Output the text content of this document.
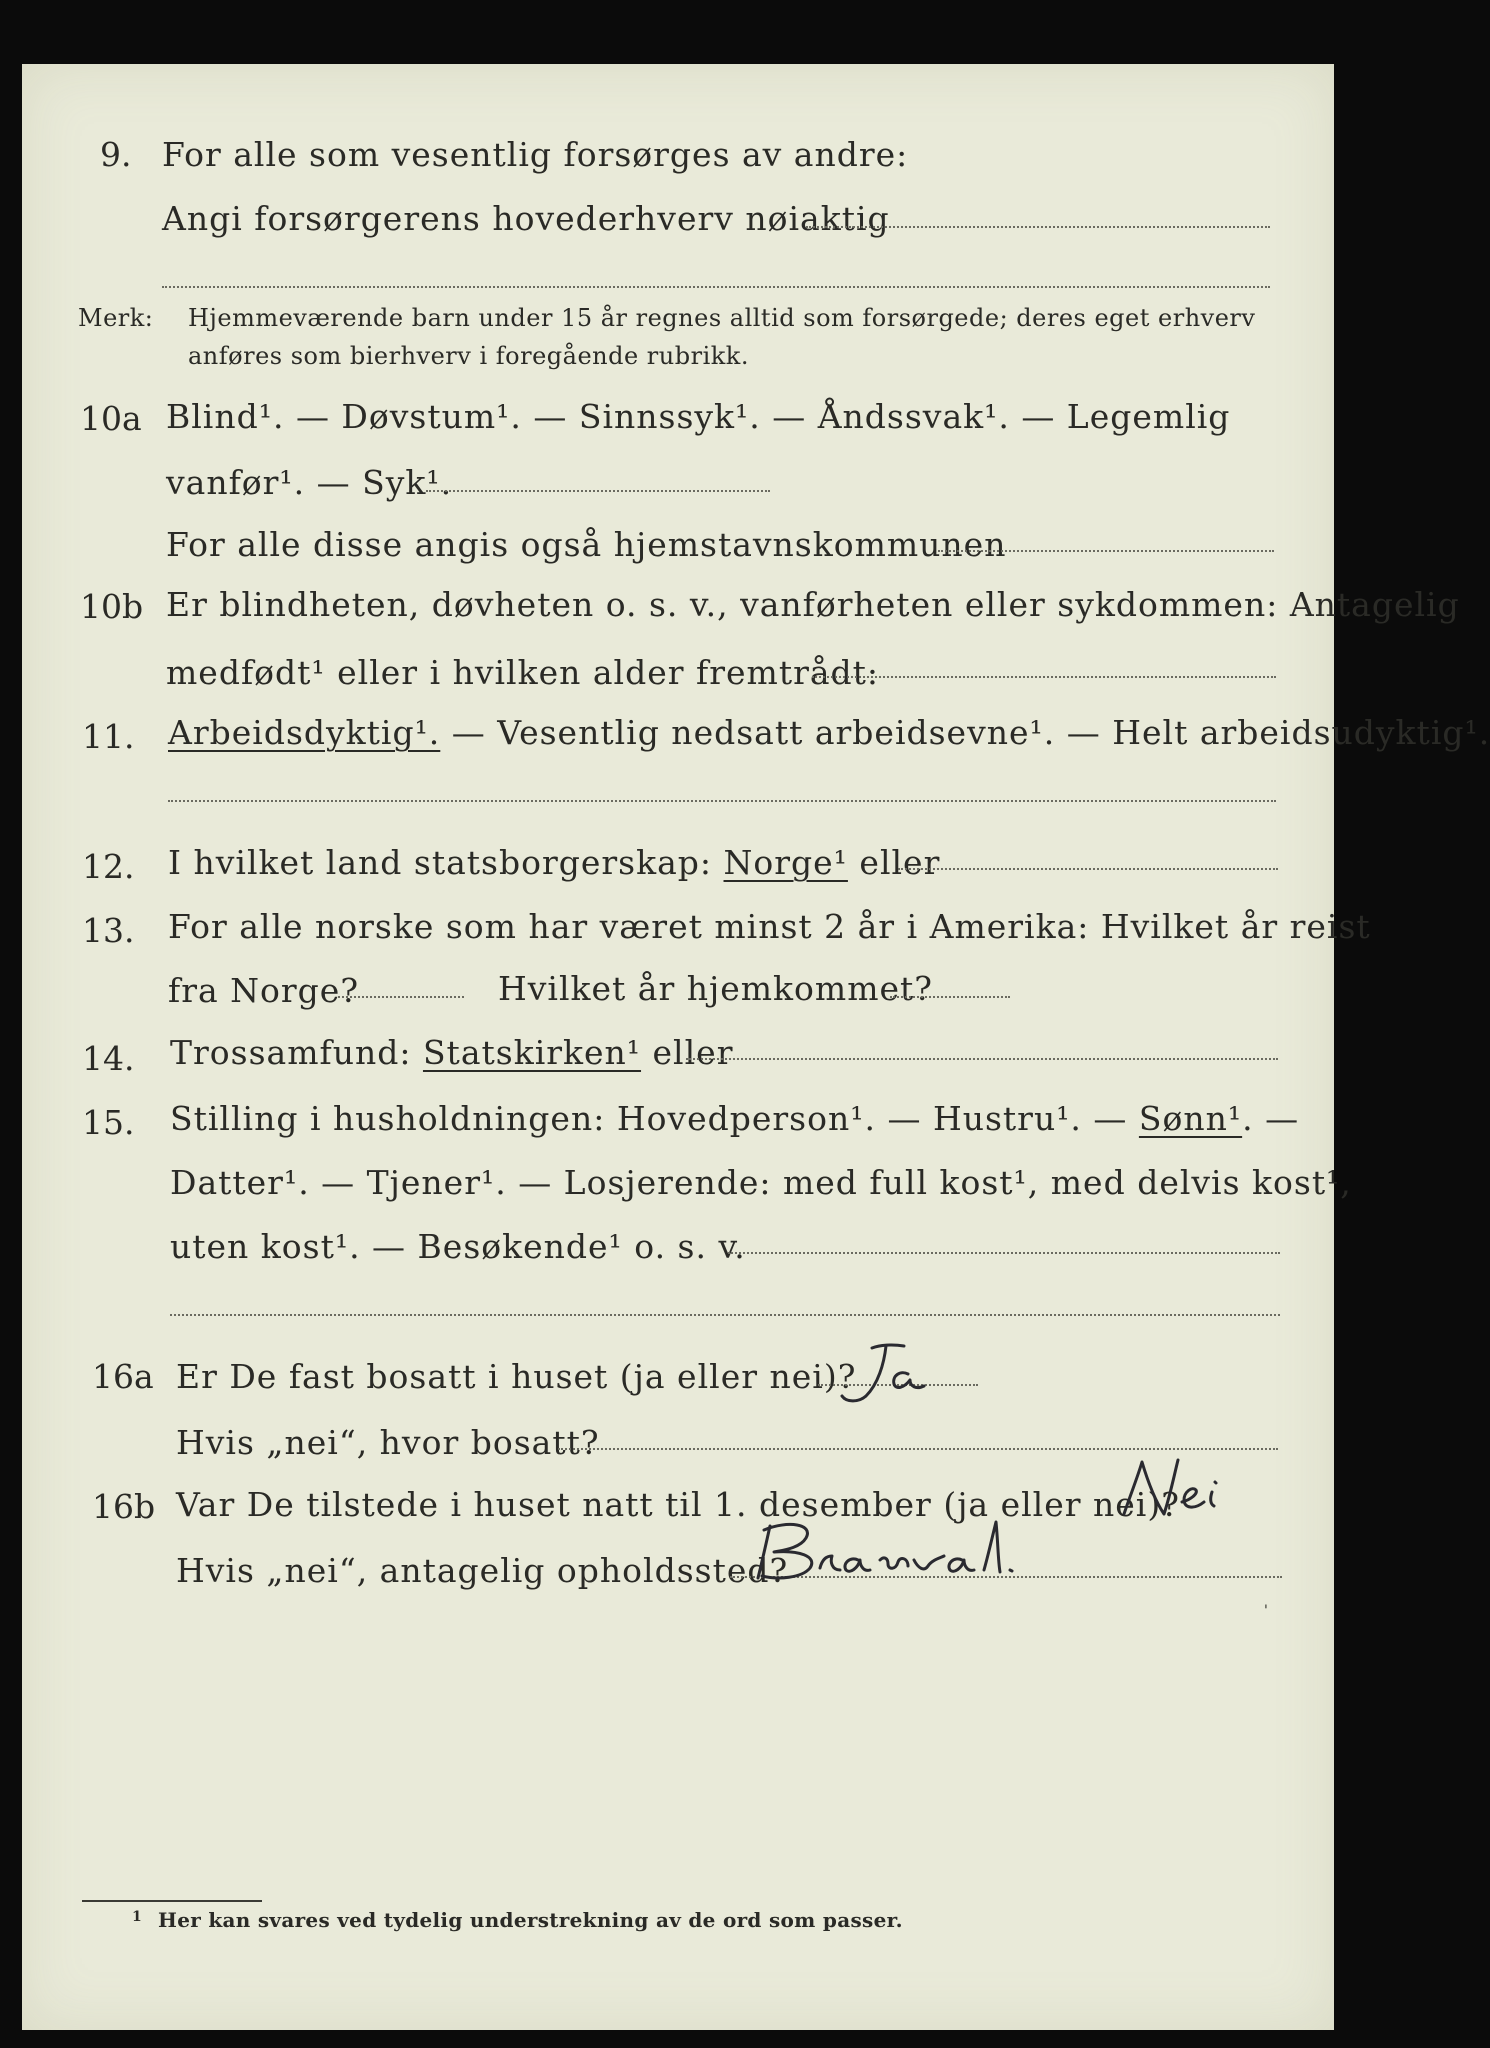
9. For alle som vesentlig forsørges av andre:
Angi forsørgerens hovederhverv nøiaktig
Merk: Hjemmeværende barn under 15 år regnes alltid som forsørgede; deres eget erhverv
anføres som bierhverv i foregående rubrikk.
10a Blind¹. — Døvstum¹. — Sinnssyk¹. — Åndssvak¹. — Legemlig
vanfør¹. — Syk¹.
For alle disse angis også hjemstavnskommunen
10b Er blindheten, døvheten o. s. v., vanførheten eller sykdommen: Antagelig
medfødt¹ eller i hvilken alder fremtrådt:
11. Arbeidsdyktig¹. — Vesentlig nedsatt arbeidsevne¹. — Helt arbeidsudyktig¹.
12. I hvilket land statsborgerskap: Norge¹ eller
13. For alle norske som har været minst 2 år i Amerika: Hvilket år reist
fra Norge?	Hvilket år hjemkommet?
14. Trossamfund: Statskirken¹ eller
15. Stilling i husholdningen: Hovedperson¹. — Hustru¹. — Sønn¹. —
Datter¹. — Tjener¹. — Losjerende: med full kost¹, med delvis kost¹,
uten kost¹. — Besøkende¹ o. s. v.
16a Er De fast bosatt i huset (ja eller nei)?
Hvis „nei“, hvor bosatt?
16b Var De tilstede i huset natt til 1. desember (ja eller nei)?
Hvis „nei“, antagelig opholdssted?
'
1 Her kan svares ved tydelig understrekning av de ord som passer.
